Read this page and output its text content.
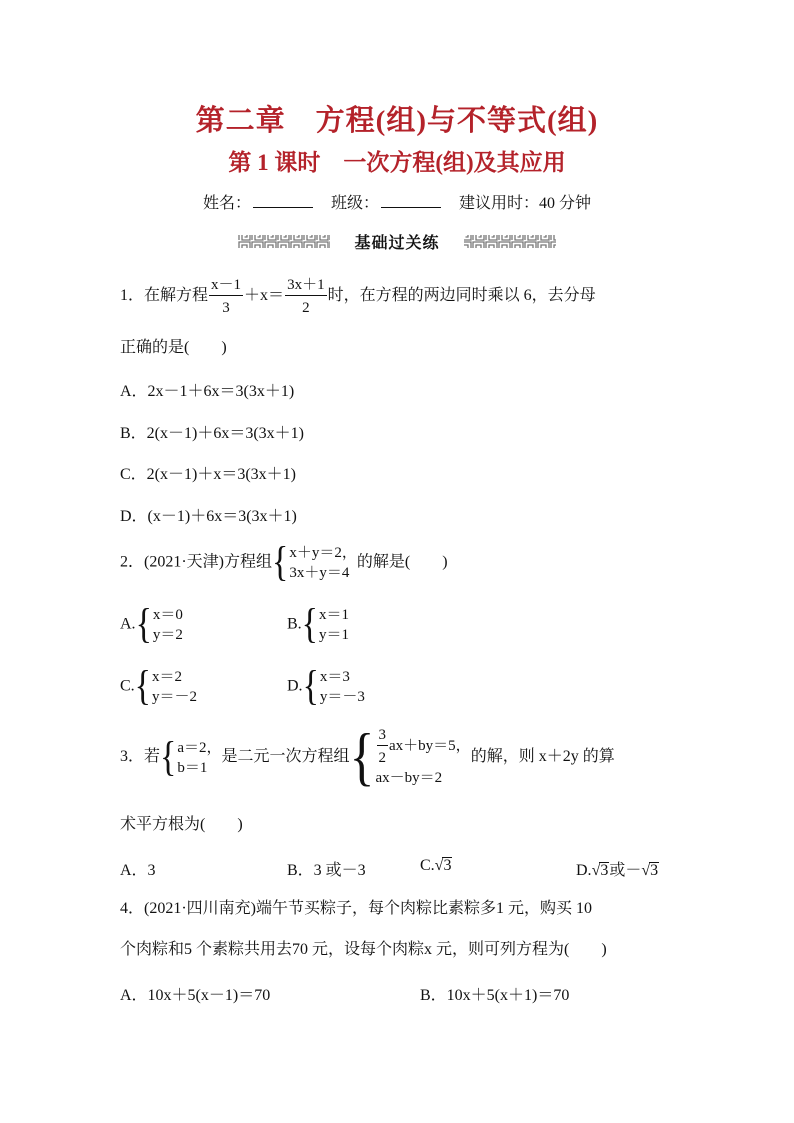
第二章　方程(组)与不等式(组)
第 1 课时　一次方程(组)及其应用
姓名：	班级：	建议用时：40 分钟
基础过关练
1．在解方程 $\frac{x-1}{3} +x= \frac{3x+1}{2}$ 时，在方程的两边同时乘以 6，去分母
正确的是(　　)
A．2x－1＋6x＝3(3x＋1)
B．2(x－1)＋6x＝3(3x＋1)
C．2(x－1)＋x＝3(3x＋1)
D．(x－1)＋6x＝3(3x＋1)
2．(2021·天津)方程组 { x＋y＝2，
3x＋y＝4
的解是(　　)
A. { x＝0
y＝2
B. { x＝1
y＝1
C. { x＝2
y＝－2
D. { x＝3
y＝－3
3．若 { a＝2，
b＝1
是二元一次方程组 { $\frac{3}{2} ax+by=5$，
ax－by＝2
的解，则 x＋2y 的算
术平方根为(　　)
A．3	B．3 或－3	C.√3	D.√3或－√3
4．(2021·四川南充)端午节买粽子，每个肉粽比素粽多1 元，购买 10
个肉粽和5 个素粽共用去70 元，设每个肉粽x 元，则可列方程为(　　)
A．10x＋5(x－1)＝70	B．10x＋5(x＋1)＝70
